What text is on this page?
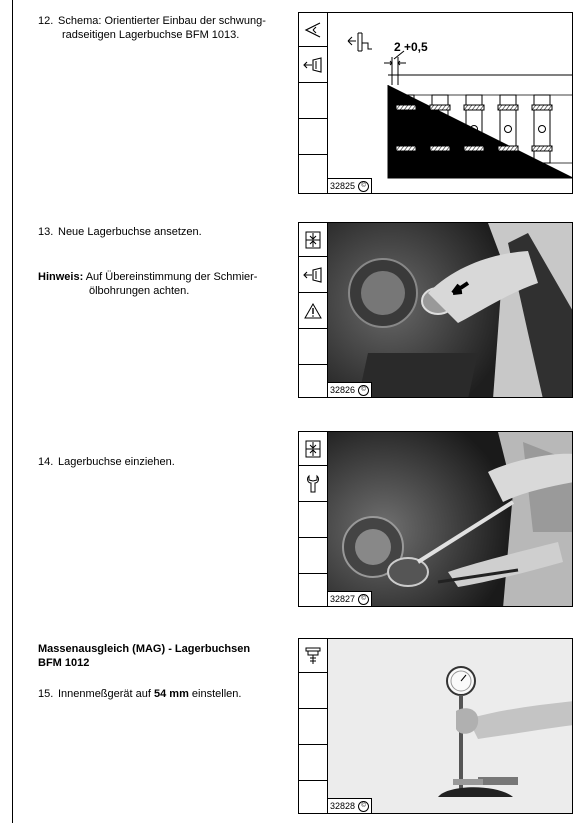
12. Schema: Orientierter Einbau der schwung-
radseitigen Lagerbuchse BFM 1013.
13. Neue Lagerbuchse ansetzen.
Hinweis: Auf Übereinstimmung der Schmier-
ölbohrungen achten.
14. Lagerbuchse einziehen.
Massenausgleich (MAG) - Lagerbuchsen
BFM 1012
15. Innenmeßgerät auf 54 mm einstellen.
2 +0,5
32825	©
32826	©
32827	©
32828	©
